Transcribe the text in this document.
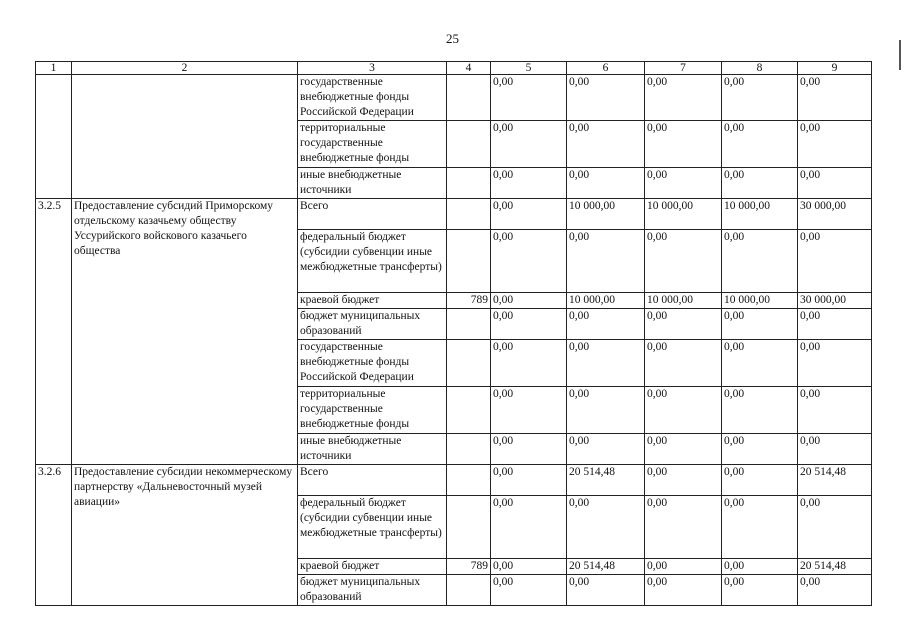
25
1	2	3	4	5	6	7	8	9
		государственные внебюджетные фонды Российской Федерации		0,00	0,00	0,00	0,00	0,00
		территориальные государственные внебюджетные фонды		0,00	0,00	0,00	0,00	0,00
		иные внебюджетные источники		0,00	0,00	0,00	0,00	0,00
3.2.5	Предоставление субсидий Приморскому отдельскому казачьему обществу Уссурийского войскового казачьего общества	Всего		0,00	10 000,00	10 000,00	10 000,00	30 000,00
		федеральный бюджет (субсидии субвенции иные межбюджетные трансферты)		0,00	0,00	0,00	0,00	0,00
		краевой бюджет	789	0,00	10 000,00	10 000,00	10 000,00	30 000,00
		бюджет муниципальных образований		0,00	0,00	0,00	0,00	0,00
		государственные внебюджетные фонды Российской Федерации		0,00	0,00	0,00	0,00	0,00
		территориальные государственные внебюджетные фонды		0,00	0,00	0,00	0,00	0,00
		иные внебюджетные источники		0,00	0,00	0,00	0,00	0,00
3.2.6	Предоставление субсидии некоммерческому партнерству «Дальневосточный музей авиации»	Всего		0,00	20 514,48	0,00	0,00	20 514,48
		федеральный бюджет (субсидии субвенции иные межбюджетные трансферты)		0,00	0,00	0,00	0,00	0,00
		краевой бюджет	789	0,00	20 514,48	0,00	0,00	20 514,48
		бюджет муниципальных образований		0,00	0,00	0,00	0,00	0,00
